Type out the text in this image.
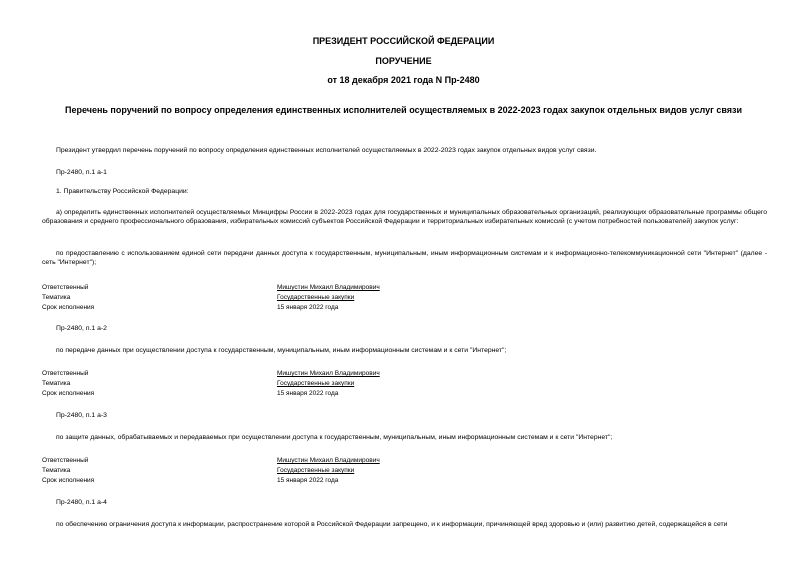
ПРЕЗИДЕНТ РОССИЙСКОЙ ФЕДЕРАЦИИ
ПОРУЧЕНИЕ
от 18 декабря 2021 года N Пр-2480
Перечень поручений по вопросу определения единственных исполнителей осуществляемых в 2022-2023 годах закупок отдельных видов услуг связи
Президент утвердил перечень поручений по вопросу определения единственных исполнителей осуществляемых в 2022-2023 годах закупок отдельных видов услуг связи.
Пр-2480, п.1 а-1
1. Правительству Российской Федерации:
а) определить единственных исполнителей осуществляемых Минцифры России в 2022-2023 годах для государственных и муниципальных образовательных организаций, реализующих образовательные программы общего образования и среднего профессионального образования, избирательных комиссий субъектов Российской Федерации и территориальных избирательных комиссий (с учетом потребностей пользователей) закупок услуг:
по предоставлению с использованием единой сети передачи данных доступа к государственным, муниципальным, иным информационным системам и к информационно-телекоммуникационной сети "Интернет" (далее - сеть "Интернет");
Ответственный	Мишустин Михаил Владимирович
Тематика	Государственные закупки
Срок исполнения	15 января 2022 года
Пр-2480, п.1 а-2
по передаче данных при осуществлении доступа к государственным, муниципальным, иным информационным системам и к сети "Интернет";
Ответственный	Мишустин Михаил Владимирович
Тематика	Государственные закупки
Срок исполнения	15 января 2022 года
Пр-2480, п.1 а-3
по защите данных, обрабатываемых и передаваемых при осуществлении доступа к государственным, муниципальным, иным информационным системам и к сети "Интернет";
Ответственный	Мишустин Михаил Владимирович
Тематика	Государственные закупки
Срок исполнения	15 января 2022 года
Пр-2480, п.1 а-4
по обеспечению ограничения доступа к информации, распространение которой в Российской Федерации запрещено, и к информации, причиняющей вред здоровью и (или) развитию детей, содержащейся в сети
